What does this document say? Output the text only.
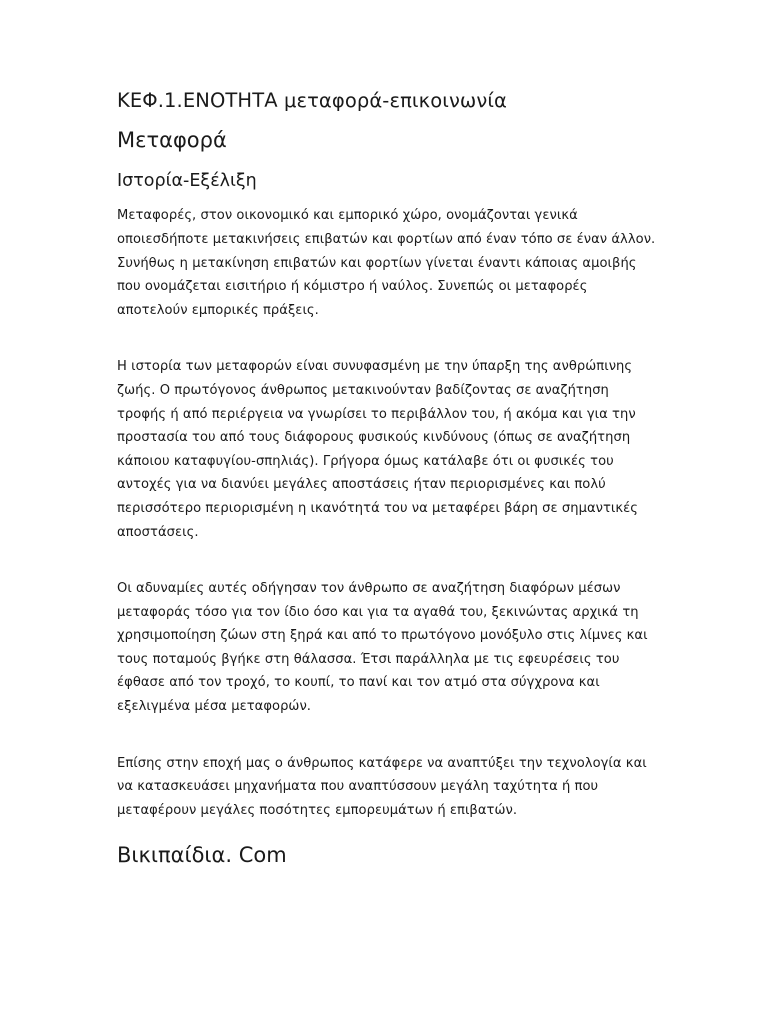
ΚΕΦ.1.ΕΝΟΤΗΤΑ μεταφορά-επικοινωνία
Μεταφορά
Ιστορία-Εξέλιξη

Μεταφορές, στον οικονομικό και εμπορικό χώρο, ονομάζονται γενικά οποιεσδήποτε μετακινήσεις επιβατών και φορτίων από έναν τόπο σε έναν άλλον. Συνήθως η μετακίνηση επιβατών και φορτίων γίνεται έναντι κάποιας αμοιβής που ονομάζεται εισιτήριο ή κόμιστρο ή ναύλος. Συνεπώς οι μεταφορές αποτελούν εμπορικές πράξεις.

Η ιστορία των μεταφορών είναι συνυφασμένη με την ύπαρξη της ανθρώπινης ζωής. Ο πρωτόγονος άνθρωπος μετακινούνταν βαδίζοντας σε αναζήτηση τροφής ή από περιέργεια να γνωρίσει το περιβάλλον του, ή ακόμα και για την προστασία του από τους διάφορους φυσικούς κινδύνους (όπως σε αναζήτηση κάποιου καταφυγίου-σπηλιάς). Γρήγορα όμως κατάλαβε ότι οι φυσικές του αντοχές για να διανύει μεγάλες αποστάσεις ήταν περιορισμένες και πολύ περισσότερο περιορισμένη η ικανότητά του να μεταφέρει βάρη σε σημαντικές αποστάσεις.

Οι αδυναμίες αυτές οδήγησαν τον άνθρωπο σε αναζήτηση διαφόρων μέσων μεταφοράς τόσο για τον ίδιο όσο και για τα αγαθά του, ξεκινώντας αρχικά τη χρησιμοποίηση ζώων στη ξηρά και από το πρωτόγονο μονόξυλο στις λίμνες και τους ποταμούς βγήκε στη θάλασσα. Έτσι παράλληλα με τις εφευρέσεις του έφθασε από τον τροχό, το κουπί, το πανί και τον ατμό στα σύγχρονα και εξελιγμένα μέσα μεταφορών.

Επίσης στην εποχή μας ο άνθρωπος κατάφερε να αναπτύξει την τεχνολογία και να κατασκευάσει μηχανήματα που αναπτύσσουν μεγάλη ταχύτητα ή που μεταφέρουν μεγάλες ποσότητες εμπορευμάτων ή επιβατών.

Βικιπαίδια. Com
